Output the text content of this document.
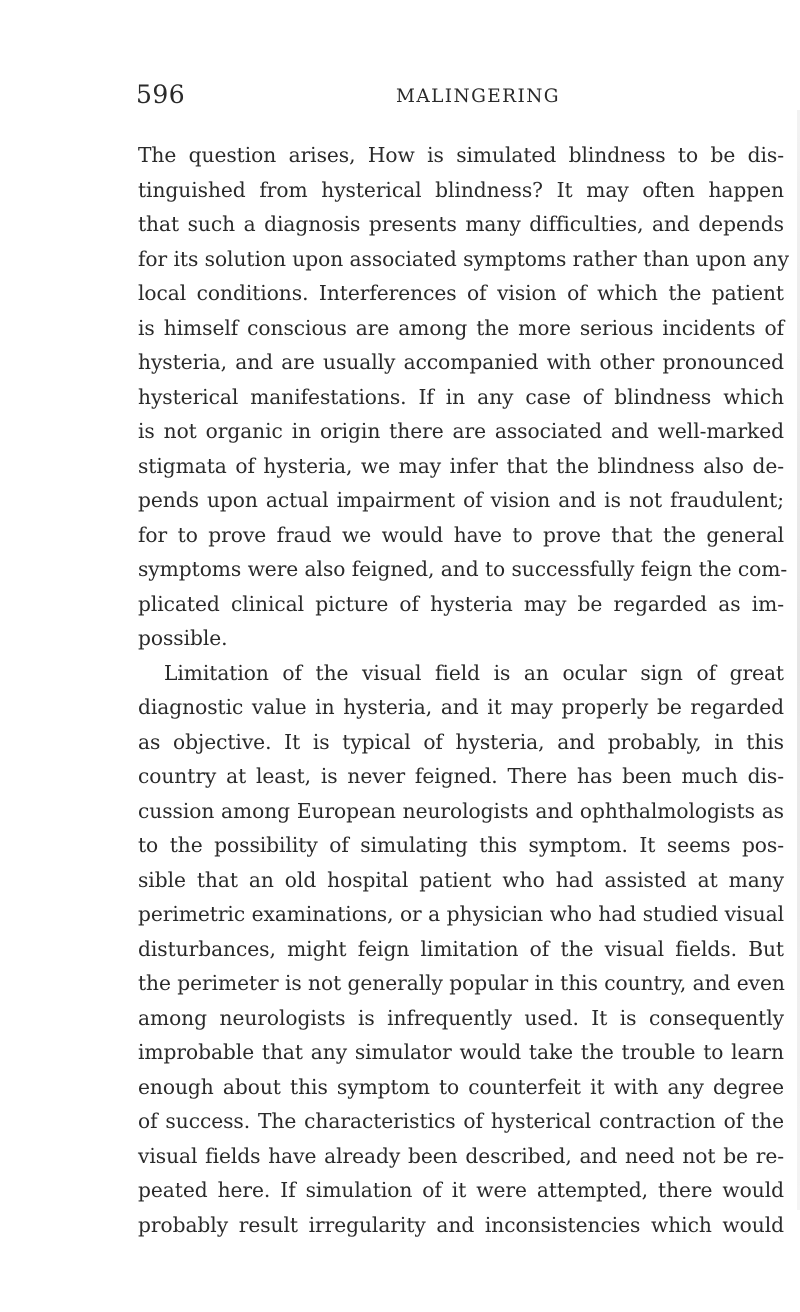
596	MALINGERING
The question arises, How is simulated blindness to be dis-
tinguished from hysterical blindness? It may often happen
that such a diagnosis presents many difficulties, and depends
for its solution upon associated symptoms rather than upon any
local conditions. Interferences of vision of which the patient
is himself conscious are among the more serious incidents of
hysteria, and are usually accompanied with other pronounced
hysterical manifestations. If in any case of blindness which
is not organic in origin there are associated and well-marked
stigmata of hysteria, we may infer that the blindness also de-
pends upon actual impairment of vision and is not fraudulent;
for to prove fraud we would have to prove that the general
symptoms were also feigned, and to successfully feign the com-
plicated clinical picture of hysteria may be regarded as im-
possible.
Limitation of the visual field is an ocular sign of great
diagnostic value in hysteria, and it may properly be regarded
as objective. It is typical of hysteria, and probably, in this
country at least, is never feigned. There has been much dis-
cussion among European neurologists and ophthalmologists as
to the possibility of simulating this symptom. It seems pos-
sible that an old hospital patient who had assisted at many
perimetric examinations, or a physician who had studied visual
disturbances, might feign limitation of the visual fields. But
the perimeter is not generally popular in this country, and even
among neurologists is infrequently used. It is consequently
improbable that any simulator would take the trouble to learn
enough about this symptom to counterfeit it with any degree
of success. The characteristics of hysterical contraction of the
visual fields have already been described, and need not be re-
peated here. If simulation of it were attempted, there would
probably result irregularity and inconsistencies which would
